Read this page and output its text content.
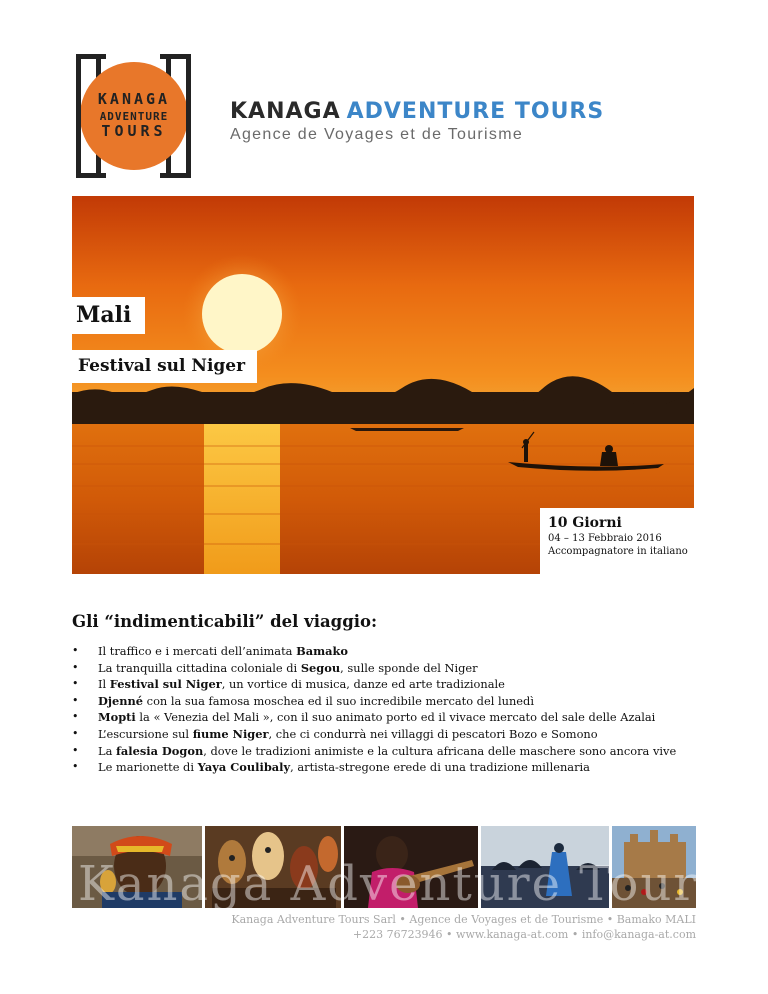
KANAGA
ADVENTURE
TOURS
KANAGA ADVENTURE TOURS
Agence de Voyages et de Tourisme
Mali
Festival sul Niger
10 Giorni
04 – 13 Febbraio 2016
Accompagnatore in italiano
Gli “indimenticabili” del viaggio:
• Il traffico e i mercati dell’animata Bamako
• La tranquilla cittadina coloniale di Segou, sulle sponde del Niger
• Il Festival sul Niger, un vortice di musica, danze ed arte tradizionale
• Djenné con la sua famosa moschea ed il suo incredibile mercato del lunedì
• Mopti la « Venezia del Mali », con il suo animato porto ed il vivace mercato del sale delle Azalai
• L’escursione sul fiume Niger, che ci condurrà nei villaggi di pescatori Bozo e Somono
• La falesia Dogon, dove le tradizioni animiste e la cultura africana delle maschere sono ancora vive
• Le marionette di Yaya Coulibaly, artista-stregone erede di una tradizione millenaria
Kanaga Adventure Tours
Kanaga Adventure Tours Sarl • Agence de Voyages et de Tourisme • Bamako MALI
+223 76723946 • www.kanaga-at.com • info@kanaga-at.com
